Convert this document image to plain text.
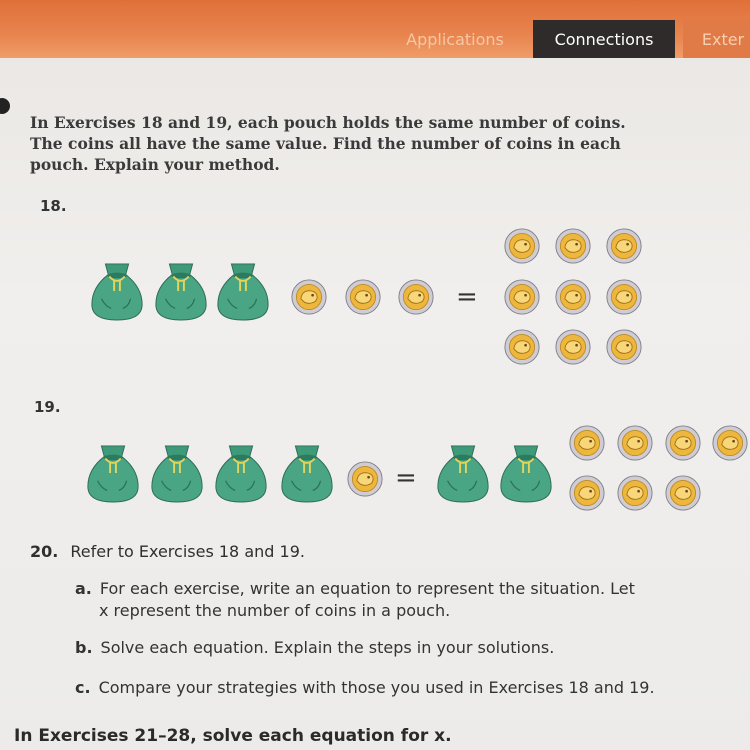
Applications	Connections	Exter
In Exercises 18 and 19, each pouch holds the same number of coins.
The coins all have the same value. Find the number of coins in each
pouch. Explain your method.
18.
=
19.
=
20. Refer to Exercises 18 and 19.
a. For each exercise, write an equation to represent the situation. Let
x represent the number of coins in a pouch.
b. Solve each equation. Explain the steps in your solutions.
c. Compare your strategies with those you used in Exercises 18 and 19.
In Exercises 21–28, solve each equation for x.
